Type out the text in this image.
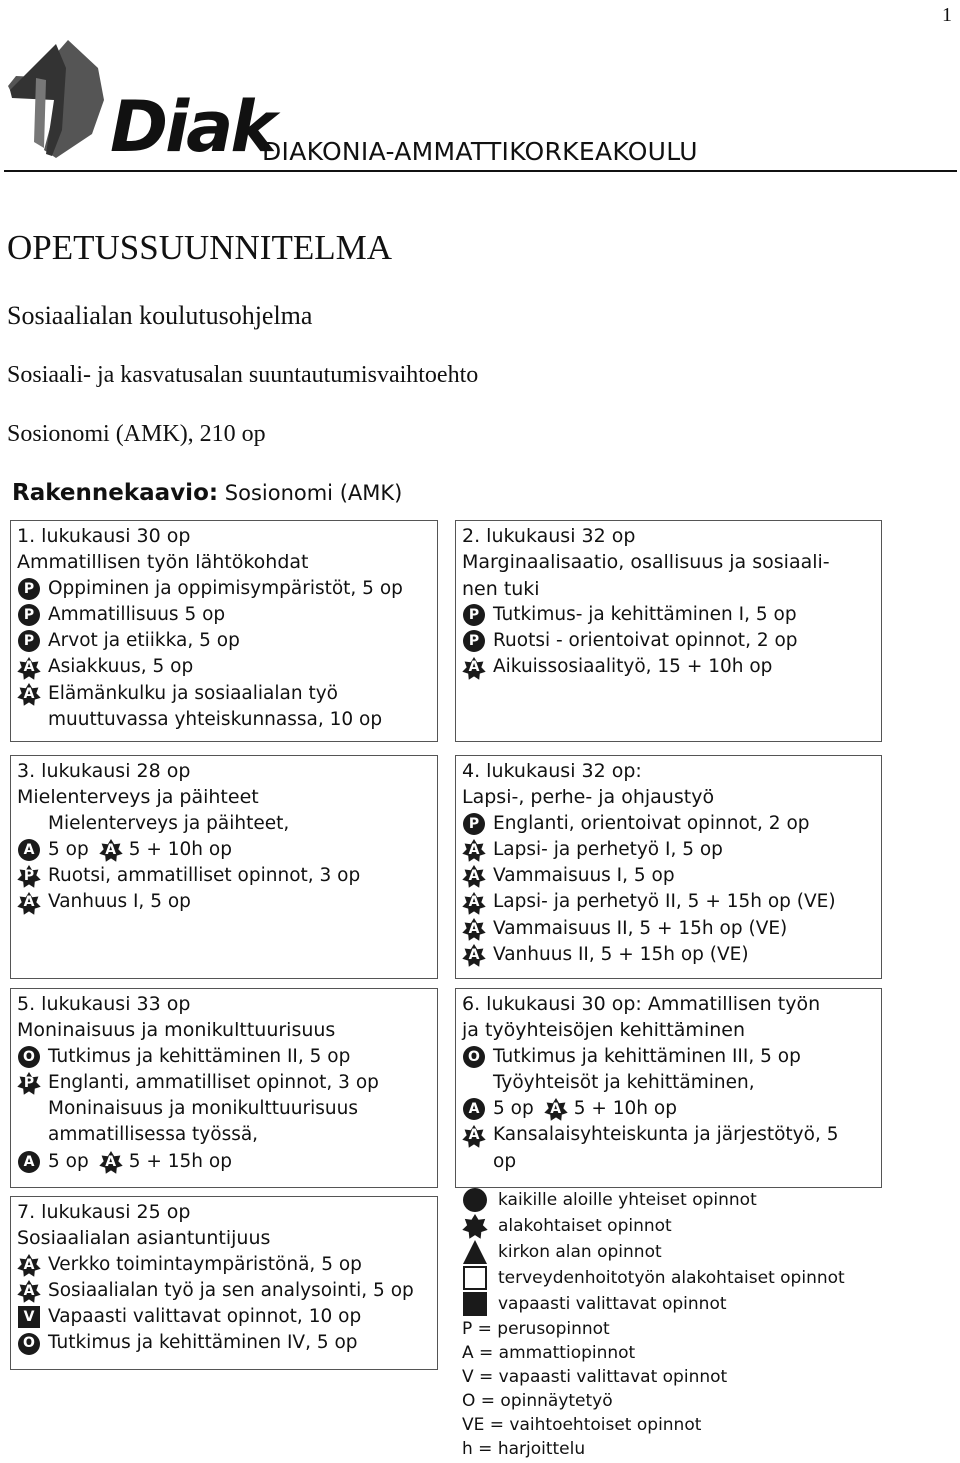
1
Diak
DIAKONIA-AMMATTIKORKEAKOULU
OPETUSSUUNNITELMA
Sosiaalialan koulutusohjelma
Sosiaali- ja kasvatusalan suuntautumisvaihtoehto
Sosionomi (AMK), 210 op
Rakennekaavio: Sosionomi (AMK)
1. lukukausi 30 op
Ammatillisen työn lähtökohdat
P Oppiminen ja oppimisympäristöt, 5 op
P Ammatillisuus 5 op
P Arvot ja etiikka, 5 op
A Asiakkuus, 5 op
A Elämänkulku ja sosiaalialan työ
muuttuvassa yhteiskunnassa, 10 op
2. lukukausi 32 op
Marginaalisaatio, osallisuus ja sosiaali-
nen tuki
P Tutkimus- ja kehittäminen I, 5 op
P Ruotsi - orientoivat opinnot, 2 op
A Aikuissosiaalityö, 15 + 10h op
3. lukukausi 28 op
Mielenterveys ja päihteet
Mielenterveys ja päihteet,
A 5 op A 5 + 10h op
P Ruotsi, ammatilliset opinnot, 3 op
A Vanhuus I, 5 op
4. lukukausi 32 op:
Lapsi-, perhe- ja ohjaustyö
P Englanti, orientoivat opinnot, 2 op
A Lapsi- ja perhetyö I, 5 op
A Vammaisuus I, 5 op
A Lapsi- ja perhetyö II, 5 + 15h op (VE)
A Vammaisuus II, 5 + 15h op (VE)
A Vanhuus II, 5 + 15h op (VE)
5. lukukausi 33 op
Moninaisuus ja monikulttuurisuus
O Tutkimus ja kehittäminen II, 5 op
P Englanti, ammatilliset opinnot, 3 op
Moninaisuus ja monikulttuurisuus
ammatillisessa työssä,
A 5 op A 5 + 15h op
6. lukukausi 30 op: Ammatillisen työn
ja työyhteisöjen kehittäminen
O Tutkimus ja kehittäminen III, 5 op
Työyhteisöt ja kehittäminen,
A 5 op A 5 + 10h op
A Kansalaisyhteiskunta ja järjestötyö, 5
op
7. lukukausi 25 op
Sosiaalialan asiantuntijuus
A Verkko toimintaympäristönä, 5 op
A Sosiaalialan työ ja sen analysointi, 5 op
V Vapaasti valittavat opinnot, 10 op
O Tutkimus ja kehittäminen IV, 5 op
kaikille aloille yhteiset opinnot
alakohtaiset opinnot
kirkon alan opinnot
terveydenhoitotyön alakohtaiset opinnot
vapaasti valittavat opinnot
P = perusopinnot
A = ammattiopinnot
V = vapaasti valittavat opinnot
O = opinnäytetyö
VE = vaihtoehtoiset opinnot
h = harjoittelu
